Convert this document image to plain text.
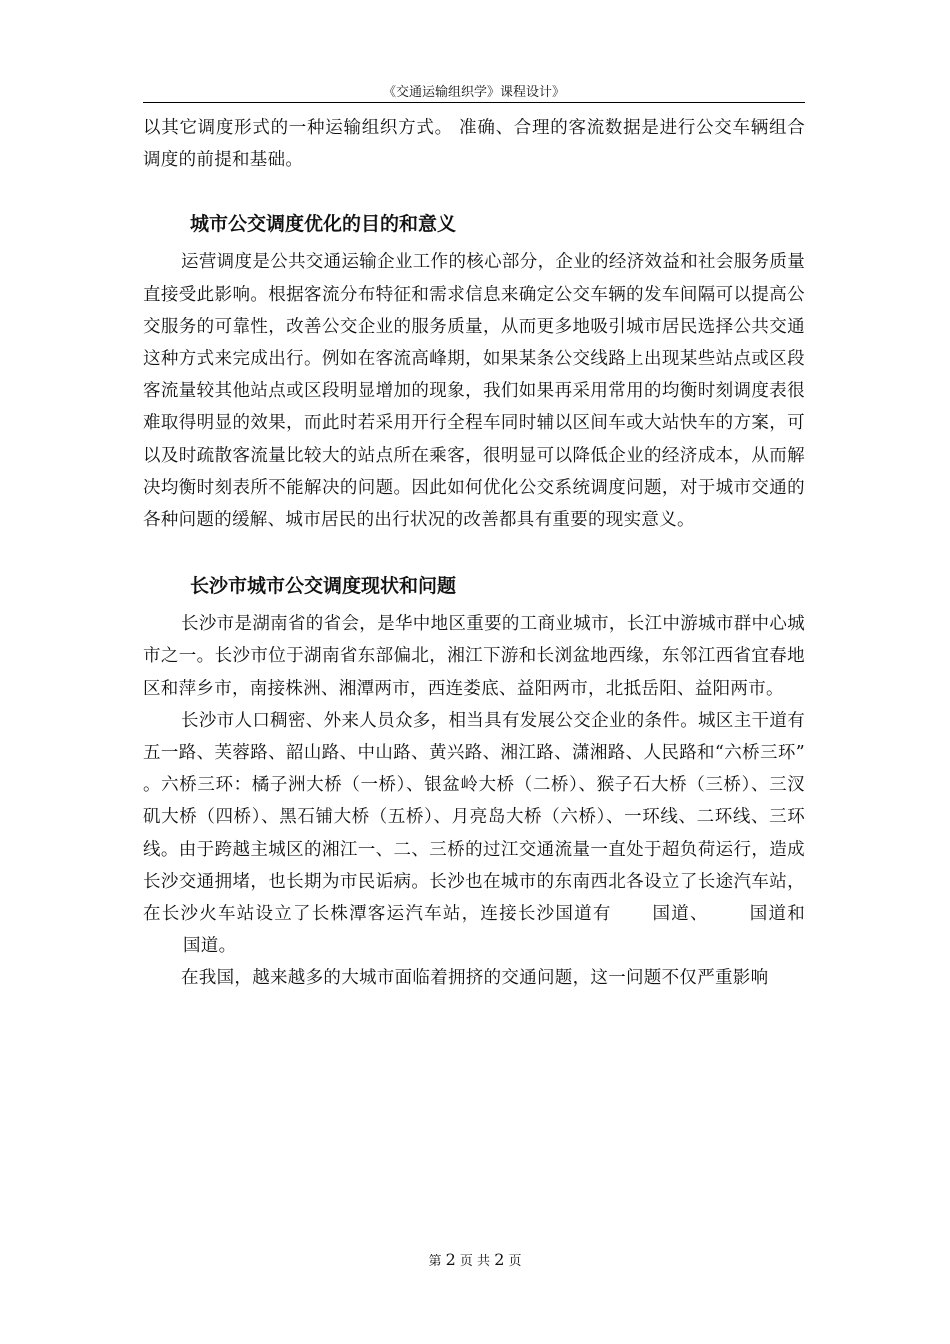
《交通运输组织学》课程设计》

以其它调度形式的一种运输组织方式。 准确、合理的客流数据是进行公交车辆组合调度的前提和基础。

城市公交调度优化的目的和意义

运营调度是公共交通运输企业工作的核心部分，企业的经济效益和社会服务质量直接受此影响。根据客流分布特征和需求信息来确定公交车辆的发车间隔可以提高公交服务的可靠性，改善公交企业的服务质量，从而更多地吸引城市居民选择公共交通这种方式来完成出行。例如在客流高峰期，如果某条公交线路上出现某些站点或区段客流量较其他站点或区段明显增加的现象，我们如果再采用常用的均衡时刻调度表很难取得明显的效果，而此时若采用开行全程车同时辅以区间车或大站快车的方案，可以及时疏散客流量比较大的站点所在乘客，很明显可以降低企业的经济成本，从而解决均衡时刻表所不能解决的问题。因此如何优化公交系统调度问题，对于城市交通的各种问题的缓解、城市居民的出行状况的改善都具有重要的现实意义。

长沙市城市公交调度现状和问题

长沙市是湖南省的省会，是华中地区重要的工商业城市，长江中游城市群中心城市之一。长沙市位于湖南省东部偏北，湘江下游和长浏盆地西缘，东邻江西省宜春地区和萍乡市，南接株洲、湘潭两市，西连娄底、益阳两市，北抵岳阳、益阳两市。

长沙市人口稠密、外来人员众多，相当具有发展公交企业的条件。城区主干道有五一路、芙蓉路、韶山路、中山路、黄兴路、湘江路、潇湘路、人民路和“六桥三环” 。六桥三环：橘子洲大桥（一桥）、银盆岭大桥（二桥）、猴子石大桥（三桥）、三汊矶大桥（四桥）、黑石铺大桥（五桥）、月亮岛大桥（六桥）、一环线、二环线、三环线。由于跨越主城区的湘江一、二、三桥的过江交通流量一直处于超负荷运行，造成长沙交通拥堵，也长期为市民诟病。长沙也在城市的东南西北各设立了长途汽车站，在长沙火车站设立了长株潭客运汽车站，连接长沙国道有 国道、 国道和国道。

在我国，越来越多的大城市面临着拥挤的交通问题，这一问题不仅严重影响

第 2 页 共 2 页
